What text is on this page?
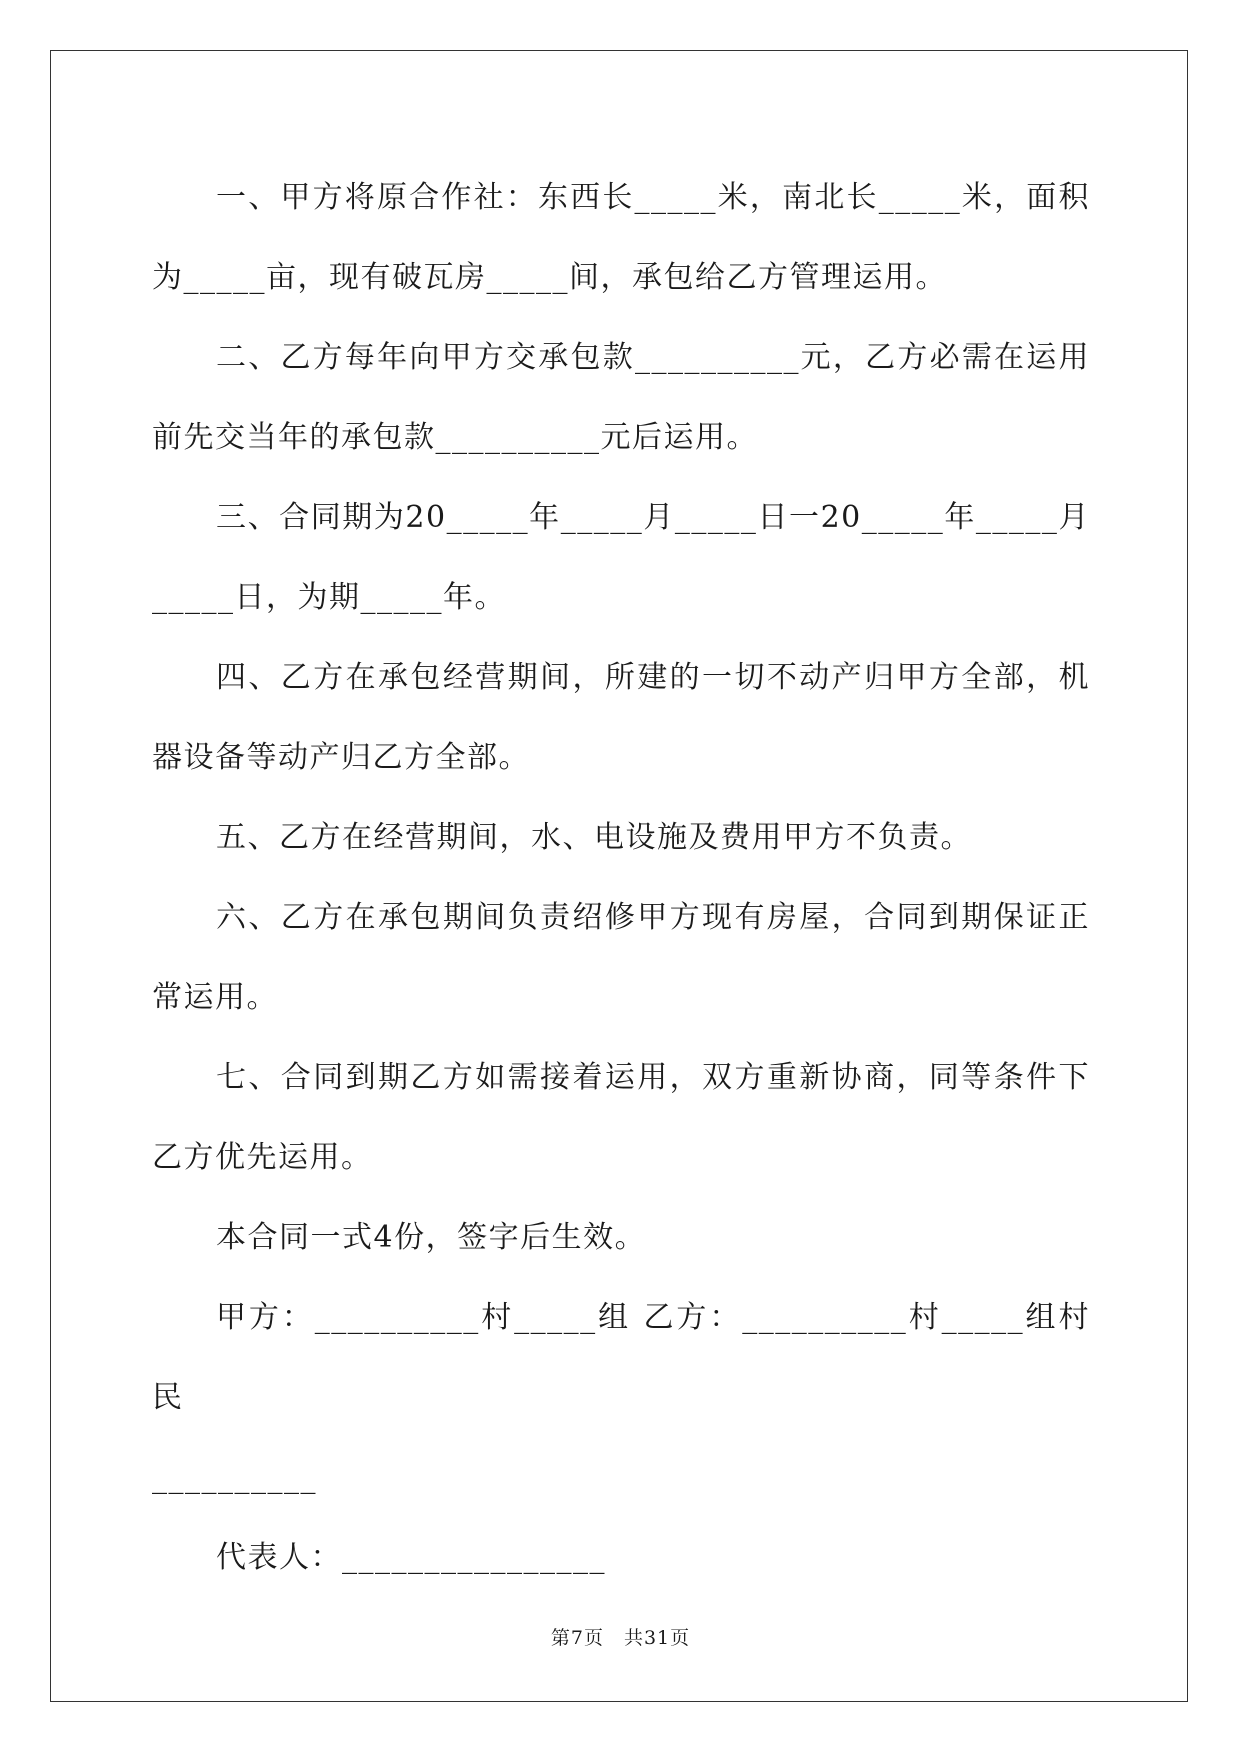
一、甲方将原合作社：东西长_____米，南北长_____米，面积为_____亩，现有破瓦房_____间，承包给乙方管理运用。

二、乙方每年向甲方交承包款__________元，乙方必需在运用前先交当年的承包款__________元后运用。

三、合同期为20_____年_____月_____日一20_____年_____月_____日，为期_____年。

四、乙方在承包经营期间，所建的一切不动产归甲方全部，机器设备等动产归乙方全部。

五、乙方在经营期间，水、电设施及费用甲方不负责。

六、乙方在承包期间负责绍修甲方现有房屋，合同到期保证正常运用。

七、合同到期乙方如需接着运用，双方重新协商，同等条件下乙方优先运用。

本合同一式4份，签字后生效。

甲方：__________村_____组 乙方：__________村_____组村民

__________

代表人：________________

第7页　共31页
